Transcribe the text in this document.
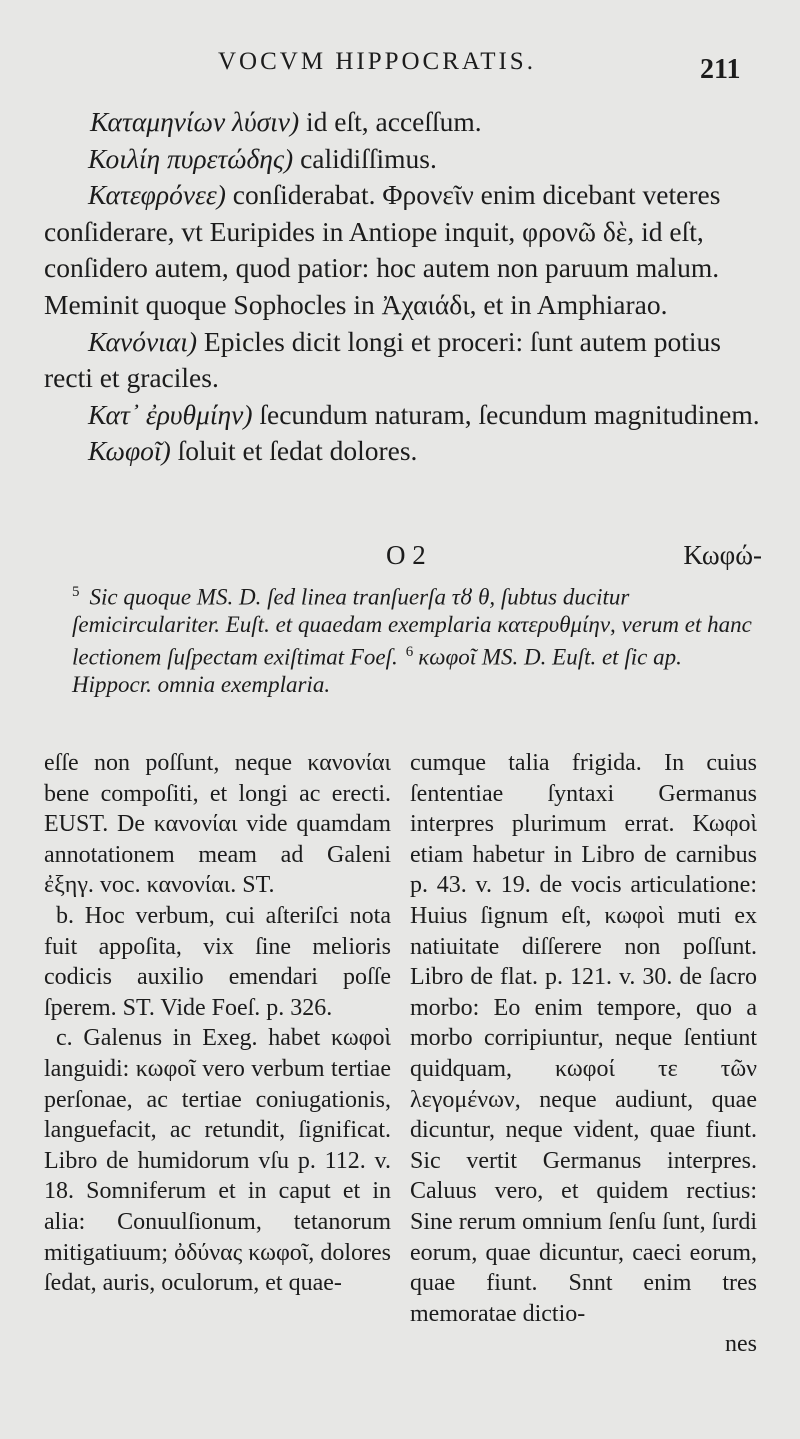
VOCVM HIPPOCRATIS.	211

Καταμηνίων λύσιν) id eſt, acceſſum.

Κοιλίη πυρετώδης) calidiſſimus.

Κατεφρόνεε) conſiderabat. Φρονεῖν enim dicebant veteres conſiderare, vt Euripides in Antiope inquit, φρονῶ δὲ, id eſt, conſidero autem, quod patior: hoc autem non paruum malum. Meminit quoque Sophocles in Ἀχαιάδι, et in Amphiarao.

Κανόνιαι) Epicles dicit longi et proceri: ſunt autem potius recti et graciles.

Κατ᾽ ἐρυθμίην) ſecundum naturam, ſecundum magnitudinem.

Κωφοῖ) ſoluit et ſedat dolores.

O 2	Κωφώ-

$^5$ Sic quoque MS. D. ſed linea tranſuerſa τȣ θ, ſubtus ducitur ſemicirculariter. Euſt. et quaedam exemplaria κατερυθμίην, verum et hanc lectionem ſuſpectam exiſtimat Foeſ. $^6$ κωφοῖ MS. D. Euſt. et ſic ap. Hippocr. omnia exemplaria.

eſſe non poſſunt, neque κανονίαι bene compoſiti, et longi ac erecti. EUST. De κανονίαι vide quamdam annotationem meam ad Galeni ἐξηγ. voc. κανονίαι. ST.

b. Hoc verbum, cui aſteriſci nota fuit appoſita, vix ſine melioris codicis auxilio emendari poſſe ſperem. ST. Vide Foeſ. p. 326.

c. Galenus in Exeg. habet κωφοὶ languidi: κωφοῖ vero verbum tertiae perſonae, ac tertiae coniugationis, languefacit, ac retundit, ſignificat. Libro de humidorum vſu p. 112. v. 18. Somniferum et in caput et in alia: Conuulſionum, tetanorum mitigatiuum; ὀδύνας κωφοῖ, dolores ſedat, auris, oculorum, et quae-

cumque talia frigida. In cuius ſententiae ſyntaxi Germanus interpres plurimum errat. Κωφοὶ etiam habetur in Libro de carnibus p. 43. v. 19. de vocis articulatione: Huius ſignum eſt, κωφοὶ muti ex natiuitate diſſerere non poſſunt. Libro de flat. p. 121. v. 30. de ſacro morbo: Eo enim tempore, quo a morbo corripiuntur, neque ſentiunt quidquam, κωφοί τε τῶν λεγομένων, neque audiunt, quae dicuntur, neque vident, quae fiunt. Sic vertit Germanus interpres. Caluus vero, et quidem rectius: Sine rerum omnium ſenſu ſunt, ſurdi eorum, quae dicuntur, caeci eorum, quae fiunt. Snnt enim tres memoratae dictio-

nes
